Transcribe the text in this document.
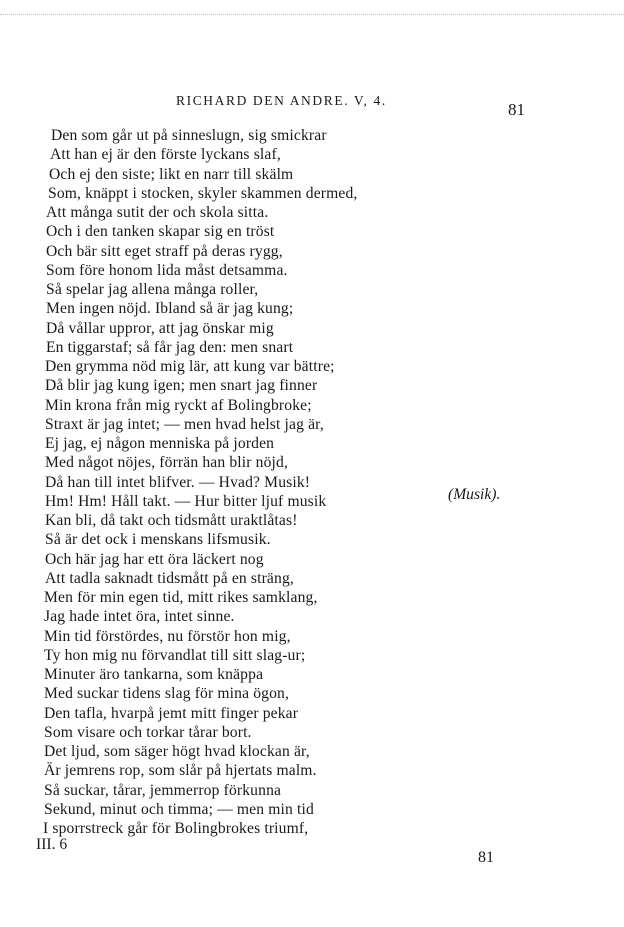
RICHARD DEN ANDRE. V, 4.	81
Den som går ut på sinneslugn, sig smickrar
Att han ej är den förste lyckans slaf,
Och ej den siste; likt en narr till skälm
Som, knäppt i stocken, skyler skammen dermed,
Att många sutit der och skola sitta.
Och i den tanken skapar sig en tröst
Och bär sitt eget straff på deras rygg,
Som före honom lida måst detsamma.
Så spelar jag allena många roller,
Men ingen nöjd. Ibland så är jag kung;
Då vållar uppror, att jag önskar mig
En tiggarstaf; så får jag den: men snart
Den grymma nöd mig lär, att kung var bättre;
Då blir jag kung igen; men snart jag finner
Min krona från mig ryckt af Bolingbroke;
Straxt är jag intet; — men hvad helst jag är,
Ej jag, ej någon menniska på jorden
Med något nöjes, förrän han blir nöjd,
Då han till intet blifver. — Hvad? Musik!
Hm! Hm! Håll takt. — Hur bitter ljuf musik
Kan bli, då takt och tidsmått uraktlåtas!
Så är det ock i menskans lifsmusik.
Och här jag har ett öra läckert nog
Att tadla saknadt tidsmått på en sträng,
Men för min egen tid, mitt rikes samklang,
Jag hade intet öra, intet sinne.
Min tid förstördes, nu förstör hon mig,
Ty hon mig nu förvandlat till sitt slag-ur;
Minuter äro tankarna, som knäppa
Med suckar tidens slag för mina ögon,
Den tafla, hvarpå jemt mitt finger pekar
Som visare och torkar tårar bort.
Det ljud, som säger högt hvad klockan är,
Är jemrens rop, som slår på hjertats malm.
Så suckar, tårar, jemmerrop förkunna
Sekund, minut och timma; — men min tid
I sporrstreck går för Bolingbrokes triumf,
(Musik).
III. 6
81
